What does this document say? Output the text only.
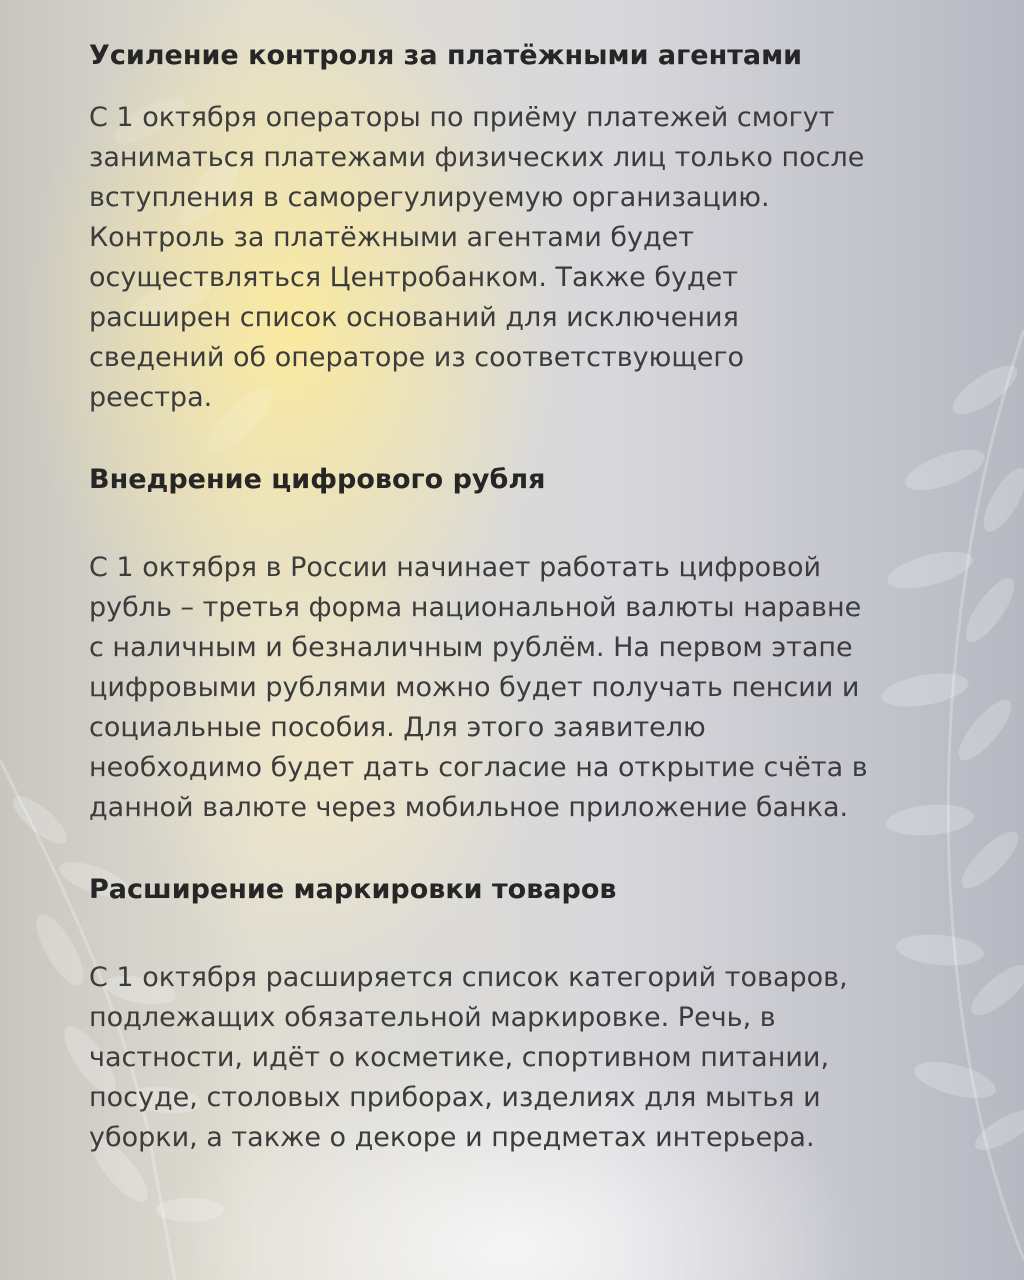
Усиление контроля за платёжными агентами

С 1 октября операторы по приёму платежей смогут
заниматься платежами физических лиц только после
вступления в саморегулируемую организацию.
Контроль за платёжными агентами будет
осуществляться Центробанком. Также будет
расширен список оснований для исключения
сведений об операторе из соответствующего
реестра.

Внедрение цифрового рубля

С 1 октября в России начинает работать цифровой
рубль – третья форма национальной валюты наравне
с наличным и безналичным рублём. На первом этапе
цифровыми рублями можно будет получать пенсии и
социальные пособия. Для этого заявителю
необходимо будет дать согласие на открытие счёта в
данной валюте через мобильное приложение банка.

Расширение маркировки товаров

С 1 октября расширяется список категорий товаров,
подлежащих обязательной маркировке. Речь, в
частности, идёт о косметике, спортивном питании,
посуде, столовых приборах, изделиях для мытья и
уборки, а также о декоре и предметах интерьера.
